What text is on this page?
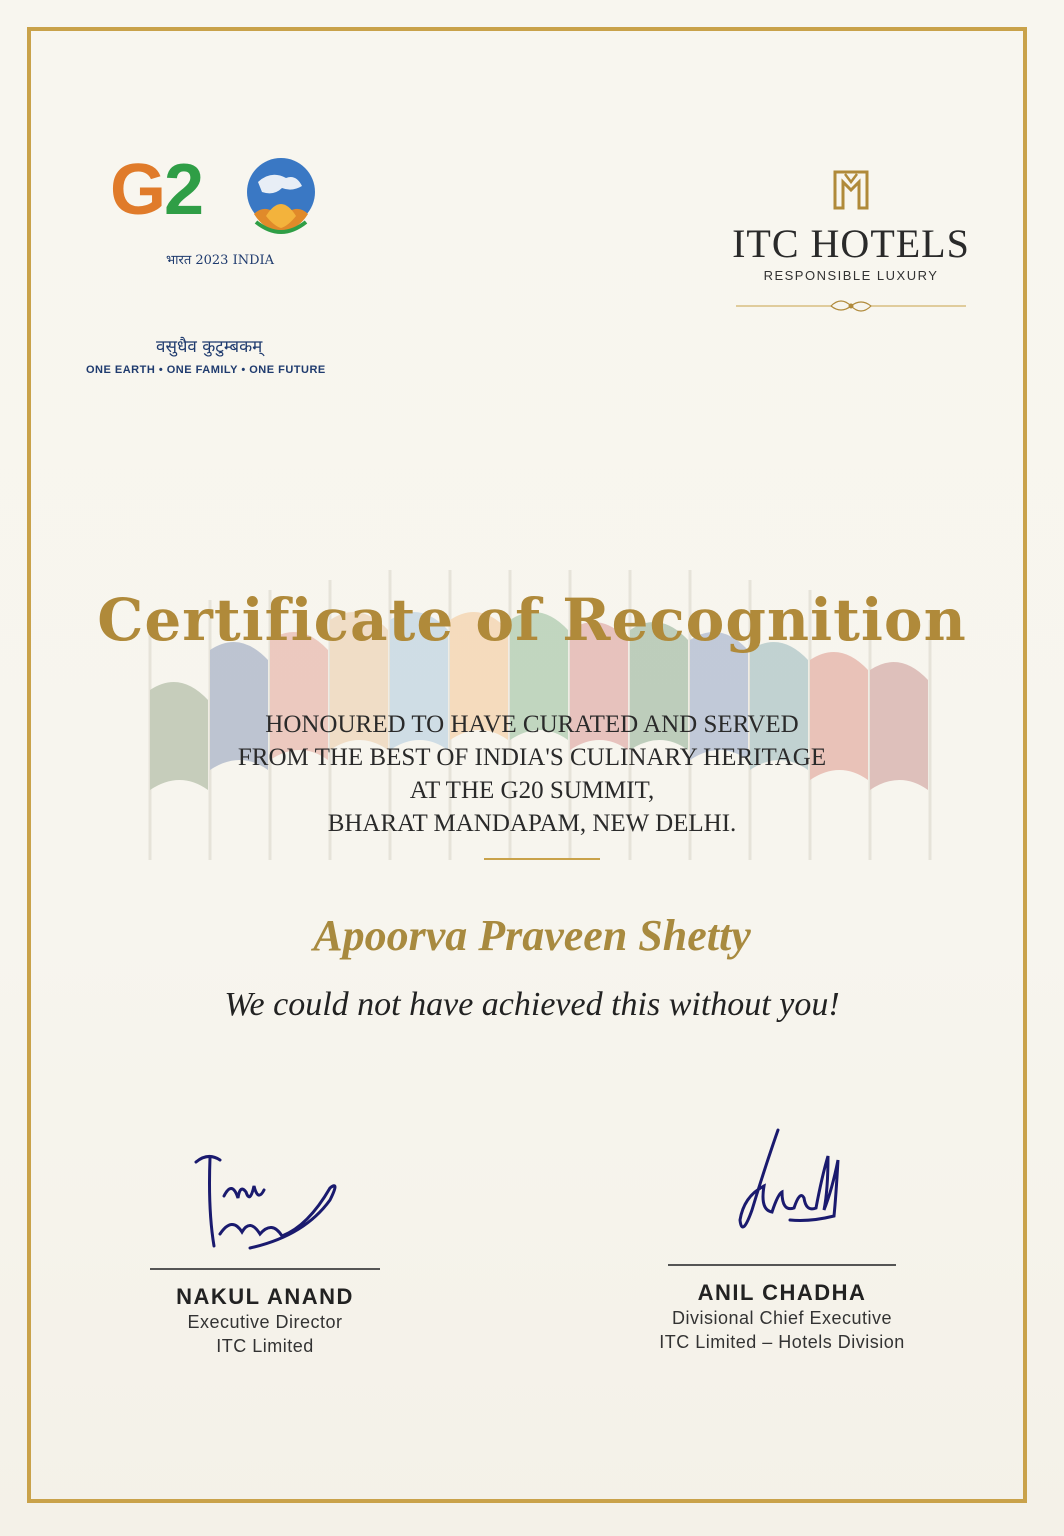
G2
भारत 2023 INDIA
वसुधैव कुटुम्बकम्
ONE EARTH • ONE FAMILY • ONE FUTURE
ITC HOTELS
RESPONSIBLE LUXURY
Certificate of Recognition
HONOURED TO HAVE CURATED AND SERVED
FROM THE BEST OF INDIA'S CULINARY HERITAGE
AT THE G20 SUMMIT,
BHARAT MANDAPAM, NEW DELHI.
Apoorva Praveen Shetty
We could not have achieved this without you!
NAKUL ANAND
Executive Director
ITC Limited
ANIL CHADHA
Divisional Chief Executive
ITC Limited – Hotels Division
